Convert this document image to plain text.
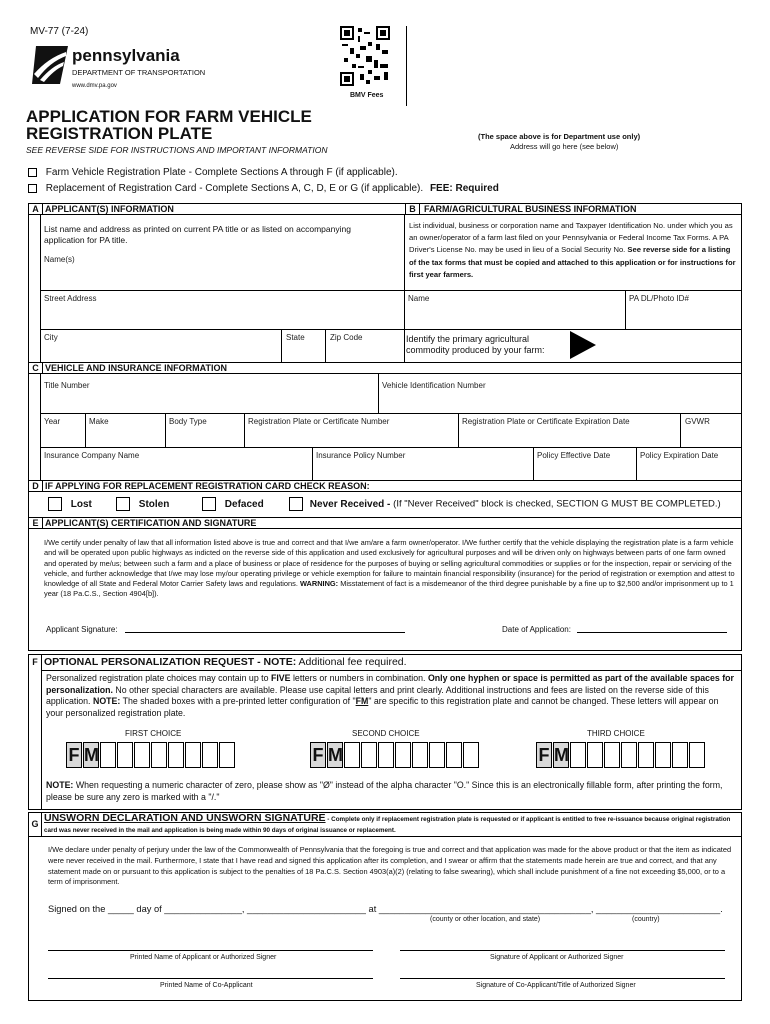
MV-77 (7-24)
pennsylvania
DEPARTMENT OF TRANSPORTATION
www.dmv.pa.gov
BMV Fees
APPLICATION FOR FARM VEHICLE
REGISTRATION PLATE
SEE REVERSE SIDE FOR INSTRUCTIONS AND IMPORTANT INFORMATION
(The space above is for Department use only)
Address will go here (see below)
Farm Vehicle Registration Plate - Complete Sections A through F (if applicable).
Replacement of Registration Card - Complete Sections A, C, D, E or G (if applicable). FEE: Required
A APPLICANT(S) INFORMATION	B FARM/AGRICULTURAL BUSINESS INFORMATION
List name and address as printed on current PA title or as listed on accompanying application for PA title.
Name(s)
Street Address
City	State	Zip Code
List individual, business or corporation name and Taxpayer Identification No. under which you as an owner/operator of a farm last filed on your Pennsylvania or Federal Income Tax Forms. A PA Driver's License No. may be used in lieu of a Social Security No. See reverse side for a listing of the tax forms that must be copied and attached to this application or for instructions for first year farmers.
Name	PA DL/Photo ID#
Identify the primary agricultural commodity produced by your farm:
C VEHICLE AND INSURANCE INFORMATION
Title Number	Vehicle Identification Number
Year	Make	Body Type	Registration Plate or Certificate Number	Registration Plate or Certificate Expiration Date	GVWR
Insurance Company Name	Insurance Policy Number	Policy Effective Date	Policy Expiration Date
D IF APPLYING FOR REPLACEMENT REGISTRATION CARD CHECK REASON:
Lost	Stolen	Defaced	Never Received - (If "Never Received" block is checked, SECTION G MUST BE COMPLETED.)
E APPLICANT(S) CERTIFICATION AND SIGNATURE
I/We certify under penalty of law that all information listed above is true and correct and that I/we am/are a farm owner/operator. I/We further certify that the vehicle displaying the registration plate is a farm vehicle and will be operated upon public highways as indicted on the reverse side of this application and used exclusively for agricultural purposes and will be driven only on highways between parts of one farm owned and operated by me/us; between such a farm and a place of business or place of residence for the purposes of buying or selling agricultural commodities or supplies or for the inspection, repair or servicing of the vehicle, and further acknowledge that I/we may lose my/our operating privilege or vehicle exemption for failure to maintain financial responsibility (insurance) for the period of registration or exemption and attest to knowledge of all State and Federal Motor Carrier Safety laws and regulations. WARNING: Misstatement of fact is a misdemeanor of the third degree punishable by a fine up to $2,500 and/or imprisonment up to 1 year (18 Pa.C.S., Section 4904[b]).
Applicant Signature:	Date of Application:
F OPTIONAL PERSONALIZATION REQUEST - NOTE: Additional fee required.
Personalized registration plate choices may contain up to FIVE letters or numbers in combination. Only one hyphen or space is permitted as part of the available spaces for personalization. No other special characters are available. Please use capital letters and print clearly. Additional instructions and fees are listed on the reverse side of this application. NOTE: The shaded boxes with a pre-printed letter configuration of "FM" are specific to this registration plate and cannot be changed. These letters will appear on your personalized registration plate.
FIRST CHOICE	SECOND CHOICE	THIRD CHOICE
F M	F M	F M
NOTE: When requesting a numeric character of zero, please show as "Ø" instead of the alpha character "O." Since this is an electronically fillable form, after printing the form, please be sure any zero is marked with a "/."
G UNSWORN DECLARATION AND UNSWORN SIGNATURE - Complete only if replacement registration plate is requested or if applicant is entitled to free re-issuance because original registration card was never received in the mail and application is being made within 90 days of original issuance or replacement.
I/We declare under penalty of perjury under the law of the Commonwealth of Pennsylvania that the foregoing is true and correct and that application was made for the above product or that the item as indicated were never received in the mail. Furthermore, I state that I have read and signed this application after its completion, and I swear or affirm that the statements made herein are true and correct, and that any statement made on or pursuant to this application is subject to the penalties of 18 Pa.C.S. Section 4903(a)(2) (relating to false swearing), which shall include punishment of a fine not exceeding $5,000, or to a term of imprisonment.
Signed on the _____ day of _______________, _______________________ at _________________________________________, ________________________.
(county or other location, and state)	(country)
Printed Name of Applicant or Authorized Signer	Signature of Applicant or Authorized Signer
Printed Name of Co-Applicant	Signature of Co-Applicant/Title of Authorized Signer
